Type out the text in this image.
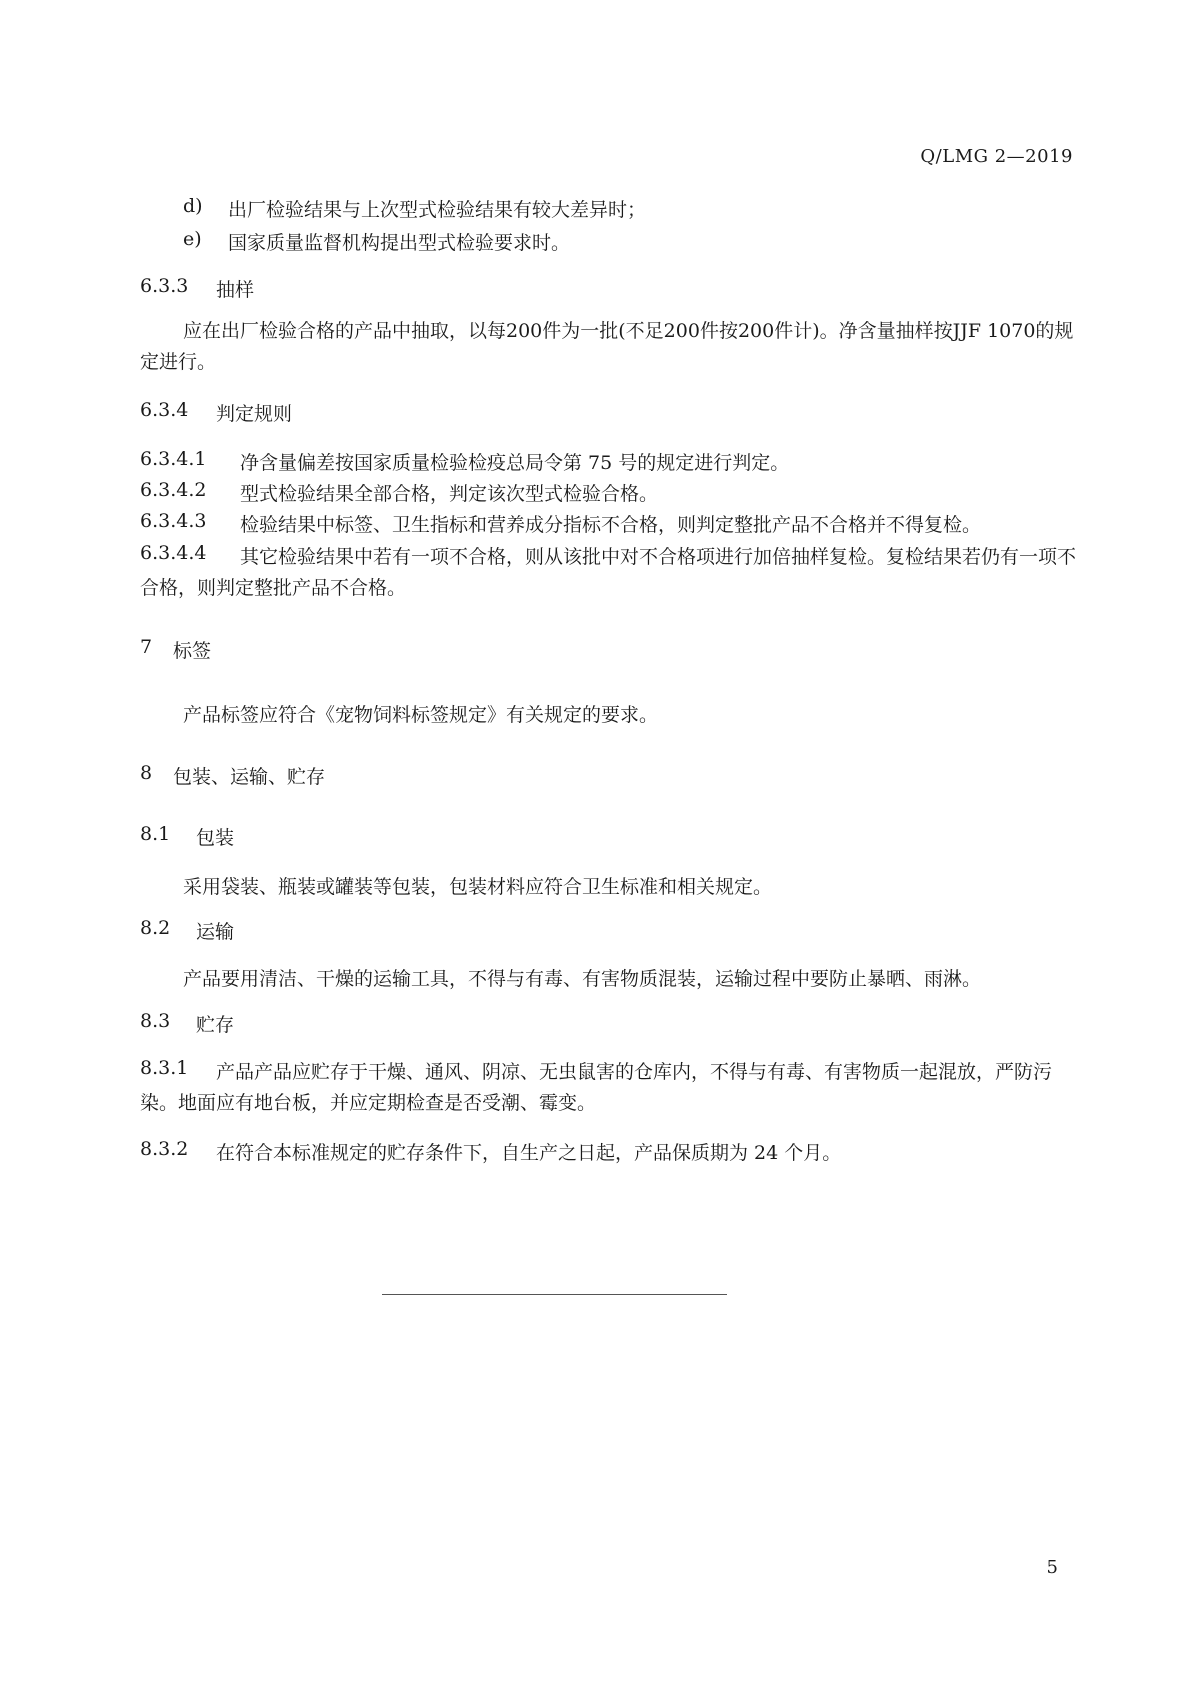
Q/LMG 2—2019
d) 出厂检验结果与上次型式检验结果有较大差异时；
e) 国家质量监督机构提出型式检验要求时。
6.3.3 抽样
应在出厂检验合格的产品中抽取，以每200件为一批(不足200件按200件计)。净含量抽样按JJF 1070的规定进行。
6.3.4 判定规则
6.3.4.1 净含量偏差按国家质量检验检疫总局令第 75 号的规定进行判定。
6.3.4.2 型式检验结果全部合格，判定该次型式检验合格。
6.3.4.3 检验结果中标签、卫生指标和营养成分指标不合格，则判定整批产品不合格并不得复检。
6.3.4.4	其它检验结果中若有一项不合格，则从该批中对不合格项进行加倍抽样复检。复检结果若仍有一项不合格，则判定整批产品不合格。
7 标签
产品标签应符合《宠物饲料标签规定》有关规定的要求。
8 包装、运输、贮存
8.1 包装
采用袋装、瓶装或罐装等包装，包装材料应符合卫生标准和相关规定。
8.2 运输
产品要用清洁、干燥的运输工具，不得与有毒、有害物质混装，运输过程中要防止暴晒、雨淋。
8.3 贮存
8.3.1	产品产品应贮存于干燥、通风、阴凉、无虫鼠害的仓库内，不得与有毒、有害物质一起混放，严防污染。地面应有地台板，并应定期检查是否受潮、霉变。
8.3.2 在符合本标准规定的贮存条件下，自生产之日起，产品保质期为 24 个月。
5
